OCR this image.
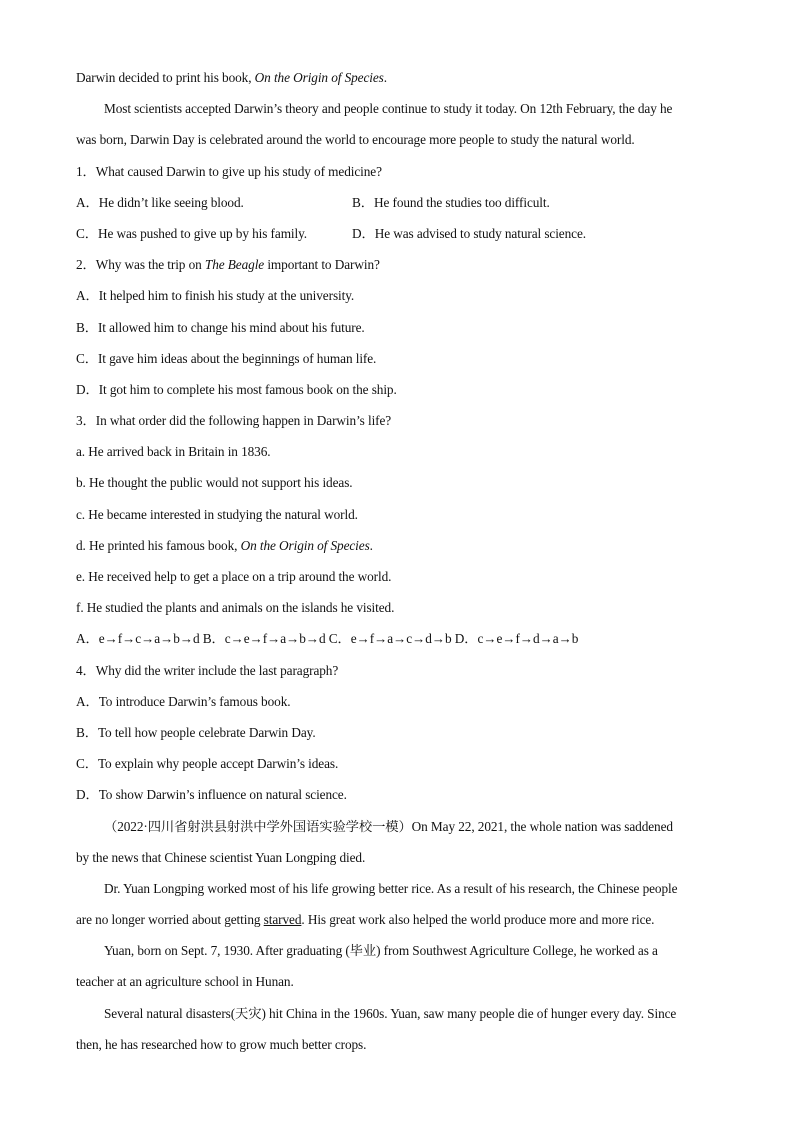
Darwin decided to print his book, On the Origin of Species.
Most scientists accepted Darwin’s theory and people continue to study it today. On 12th February, the day he
was born, Darwin Day is celebrated around the world to encourage more people to study the natural world.
1．What caused Darwin to give up his study of medicine?
A．He didn’t like seeing blood.	B．He found the studies too difficult.
C．He was pushed to give up by his family.	D．He was advised to study natural science.
2．Why was the trip on The Beagle important to Darwin?
A．It helped him to finish his study at the university.
B．It allowed him to change his mind about his future.
C．It gave him ideas about the beginnings of human life.
D．It got him to complete his most famous book on the ship.
3．In what order did the following happen in Darwin’s life?
a. He arrived back in Britain in 1836.
b. He thought the public would not support his ideas.
c. He became interested in studying the natural world.
d. He printed his famous book, On the Origin of Species.
e. He received help to get a place on a trip around the world.
f. He studied the plants and animals on the islands he visited.
A．e→f→c→a→b→d B．c→e→f→a→b→d C．e→f→a→c→d→b D．c→e→f→d→a→b
4．Why did the writer include the last paragraph?
A．To introduce Darwin’s famous book.
B．To tell how people celebrate Darwin Day.
C．To explain why people accept Darwin’s ideas.
D．To show Darwin’s influence on natural science.
（2022·四川省射洪县射洪中学外国语实验学校一模）On May 22, 2021, the whole nation was saddened
by the news that Chinese scientist Yuan Longping died.
Dr. Yuan Longping worked most of his life growing better rice. As a result of his research, the Chinese people
are no longer worried about getting starved. His great work also helped the world produce more and more rice.
Yuan, born on Sept. 7, 1930. After graduating (毕业) from Southwest Agriculture College, he worked as a
teacher at an agriculture school in Hunan.
Several natural disasters(天灾) hit China in the 1960s. Yuan, saw many people die of hunger every day. Since
then, he has researched how to grow much better crops.
